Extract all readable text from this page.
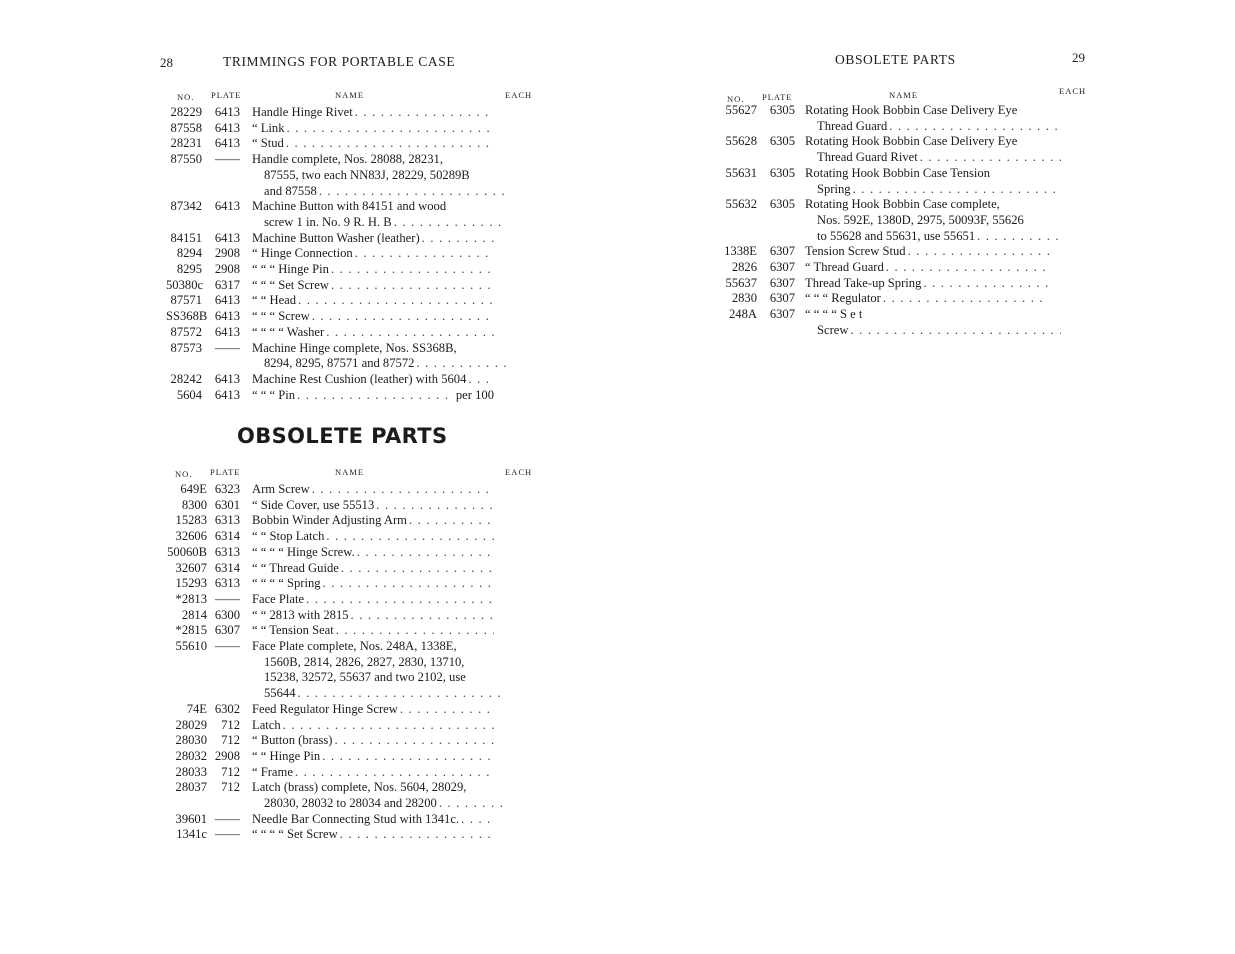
28	TRIMMINGS FOR PORTABLE CASE
NO. PLATE	NAME	EACH
28229	6413 Handle Hinge Rivet
. . .
87558	6413 “ Link
. . .
28231	6413 “ Stud
. . .
87550	—— Handle complete, Nos. 28088, 28231,
87555, two each NN83J, 28229, 50289B
and 87558
. . .
87342	6413 Machine Button with 84151 and wood
screw 1 in. No. 9 R. H. B
. . .
84151	6413 Machine Button Washer (leather)
. . .
8294	2908 “ Hinge Connection
. . .
8295	2908 “ “ “ Hinge Pin
. . .
50380c 6317 “ “ “ Set Screw
. . .
87571	6413 “ “ Head
. . .
SS368B 6413 “ “ “ Screw
. . .
87572	6413 “ “ “ “ Washer
. . .
87573	—— Machine Hinge complete, Nos. SS368B,
8294, 8295, 87571 and 87572
. . .
28242	6413 Machine Rest Cushion (leather) with 5604
. . .
5604	6413 “ “ “ Pin
. . .	per 100
OBSOLETE PARTS
NO. PLATE	NAME	EACH
649E 6323 Arm Screw
. . .
8300 6301 “ Side Cover, use 55513
. . .
15283 6313 Bobbin Winder Adjusting Arm
. . .
32606 6314 “ “ Stop Latch
. . .
50060B 6313 “ “ “ “ Hinge Screw.
. . .
32607 6314 “ “ Thread Guide
. . .
15293 6313 “ “ “ “ Spring
. . .
*2813 —— Face Plate
. . .
2814 6300 “ “ 2813 with 2815
. . .
*2815 6307 “ “ Tension Seat
. . .
55610 —— Face Plate complete, Nos. 248A, 1338E,
1560B, 2814, 2826, 2827, 2830, 13710,
15238, 32572, 55637 and two 2102, use
55644
. . .
74E 6302 Feed Regulator Hinge Screw
. . .
28029	712 Latch
. . .
28030	712 “ Button (brass)
. . .
28032 2908 “ “ Hinge Pin
. . .
28033	712 “ Frame
. . .
28037	712 Latch (brass) complete, Nos. 5604, 28029,
28030, 28032 to 28034 and 28200
. . .
39601 —— Needle Bar Connecting Stud with 1341c.
. . .
1341c —— “ “ “ “ Set Screw
. . .
OBSOLETE PARTS	29
NO. PLATE	NAME	EACH
55627	6305 Rotating Hook Bobbin Case Delivery Eye
Thread Guard
. . .
55628	6305 Rotating Hook Bobbin Case Delivery Eye
Thread Guard Rivet
. . .
55631	6305 Rotating Hook Bobbin Case Tension
Spring
. . .
55632	6305 Rotating Hook Bobbin Case complete,
Nos. 592E, 1380D, 2975, 50093F, 55626
to 55628 and 55631, use 55651
. . .
1338E	6307 Tension Screw Stud
. . .
2826	6307 “ Thread Guard
. . .
55637	6307 Thread Take-up Spring
. . .
2830	6307 “ “ “ Regulator
. . .
248A	6307 “ “ “ “ S e t
Screw
. . .
